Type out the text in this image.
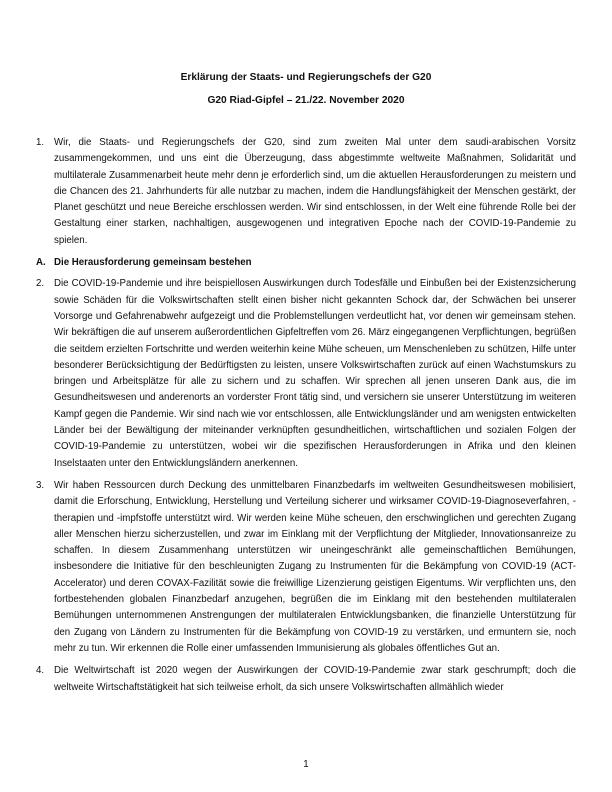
Erklärung der Staats- und Regierungschefs der G20
G20 Riad-Gipfel – 21./22. November 2020
1.	Wir, die Staats- und Regierungschefs der G20, sind zum zweiten Mal unter dem saudi-arabischen Vorsitz zusammengekommen, und uns eint die Überzeugung, dass abgestimmte weltweite Maßnahmen, Solidarität und multilaterale Zusammenarbeit heute mehr denn je erforderlich sind, um die aktuellen Herausforderungen zu meistern und die Chancen des 21. Jahrhunderts für alle nutzbar zu machen, indem die Handlungsfähigkeit der Menschen gestärkt, der Planet geschützt und neue Bereiche erschlossen werden. Wir sind entschlossen, in der Welt eine führende Rolle bei der Gestaltung einer starken, nachhaltigen, ausgewogenen und integrativen Epoche nach der COVID-19-Pandemie zu spielen.
A. Die Herausforderung gemeinsam bestehen
2.	Die COVID-19-Pandemie und ihre beispiellosen Auswirkungen durch Todesfälle und Einbußen bei der Existenzsicherung sowie Schäden für die Volkswirtschaften stellt einen bisher nicht gekannten Schock dar, der Schwächen bei unserer Vorsorge und Gefahrenabwehr aufgezeigt und die Problemstellungen verdeutlicht hat, vor denen wir gemeinsam stehen. Wir bekräftigen die auf unserem außerordentlichen Gipfeltreffen vom 26. März eingegangenen Verpflichtungen, begrüßen die seitdem erzielten Fortschritte und werden weiterhin keine Mühe scheuen, um Menschenleben zu schützen, Hilfe unter besonderer Berücksichtigung der Bedürftigsten zu leisten, unsere Volkswirtschaften zurück auf einen Wachstumskurs zu bringen und Arbeitsplätze für alle zu sichern und zu schaffen. Wir sprechen all jenen unseren Dank aus, die im Gesundheitswesen und anderenorts an vorderster Front tätig sind, und versichern sie unserer Unterstützung im weiteren Kampf gegen die Pandemie. Wir sind nach wie vor entschlossen, alle Entwicklungsländer und am wenigsten entwickelten Länder bei der Bewältigung der miteinander verknüpften gesundheitlichen, wirtschaftlichen und sozialen Folgen der COVID-19-Pandemie zu unterstützen, wobei wir die spezifischen Herausforderungen in Afrika und den kleinen Inselstaaten unter den Entwicklungsländern anerkennen.
3.	Wir haben Ressourcen durch Deckung des unmittelbaren Finanzbedarfs im weltweiten Gesundheitswesen mobilisiert, damit die Erforschung, Entwicklung, Herstellung und Verteilung sicherer und wirksamer COVID-19-Diagnoseverfahren, -therapien und -impfstoffe unterstützt wird. Wir werden keine Mühe scheuen, den erschwinglichen und gerechten Zugang aller Menschen hierzu sicherzustellen, und zwar im Einklang mit der Verpflichtung der Mitglieder, Innovationsanreize zu schaffen. In diesem Zusammenhang unterstützen wir uneingeschränkt alle gemeinschaftlichen Bemühungen, insbesondere die Initiative für den beschleunigten Zugang zu Instrumenten für die Bekämpfung von COVID-19 (ACT-Accelerator) und deren COVAX-Fazilität sowie die freiwillige Lizenzierung geistigen Eigentums. Wir verpflichten uns, den fortbestehenden globalen Finanzbedarf anzugehen, begrüßen die im Einklang mit den bestehenden multilateralen Bemühungen unternommenen Anstrengungen der multilateralen Entwicklungsbanken, die finanzielle Unterstützung für den Zugang von Ländern zu Instrumenten für die Bekämpfung von COVID-19 zu verstärken, und ermuntern sie, noch mehr zu tun. Wir erkennen die Rolle einer umfassenden Immunisierung als globales öffentliches Gut an.
4.	Die Weltwirtschaft ist 2020 wegen der Auswirkungen der COVID-19-Pandemie zwar stark geschrumpft; doch die weltweite Wirtschaftstätigkeit hat sich teilweise erholt, da sich unsere Volkswirtschaften allmählich wieder
1
